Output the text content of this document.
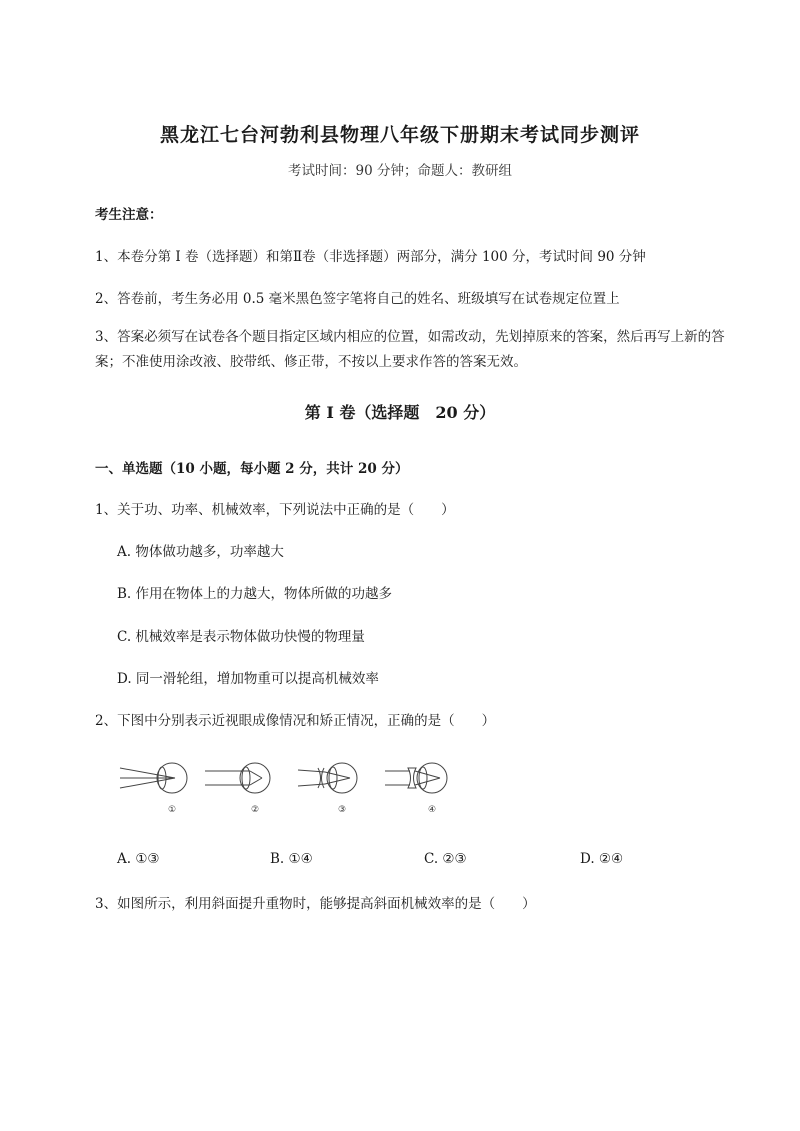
黑龙江七台河勃利县物理八年级下册期末考试同步测评
考试时间：90 分钟；命题人：教研组
考生注意：
1、本卷分第 I 卷（选择题）和第Ⅱ卷（非选择题）两部分，满分 100 分，考试时间 90 分钟
2、答卷前，考生务必用 0.5 毫米黑色签字笔将自己的姓名、班级填写在试卷规定位置上
3、答案必须写在试卷各个题目指定区域内相应的位置，如需改动，先划掉原来的答案，然后再写上新的答案；不准使用涂改液、胶带纸、修正带，不按以上要求作答的答案无效。
第 I 卷（选择题　20 分）
一、单选题（10 小题，每小题 2 分，共计 20 分）
1、关于功、功率、机械效率，下列说法中正确的是（　　）
A. 物体做功越多，功率越大
B. 作用在物体上的力越大，物体所做的功越多
C. 机械效率是表示物体做功快慢的物理量
D. 同一滑轮组，增加物重可以提高机械效率
2、下图中分别表示近视眼成像情况和矫正情况，正确的是（　　）
①	②	③	④
A. ①③	B. ①④	C. ②③	D. ②④
3、如图所示，利用斜面提升重物时，能够提高斜面机械效率的是（　　）
